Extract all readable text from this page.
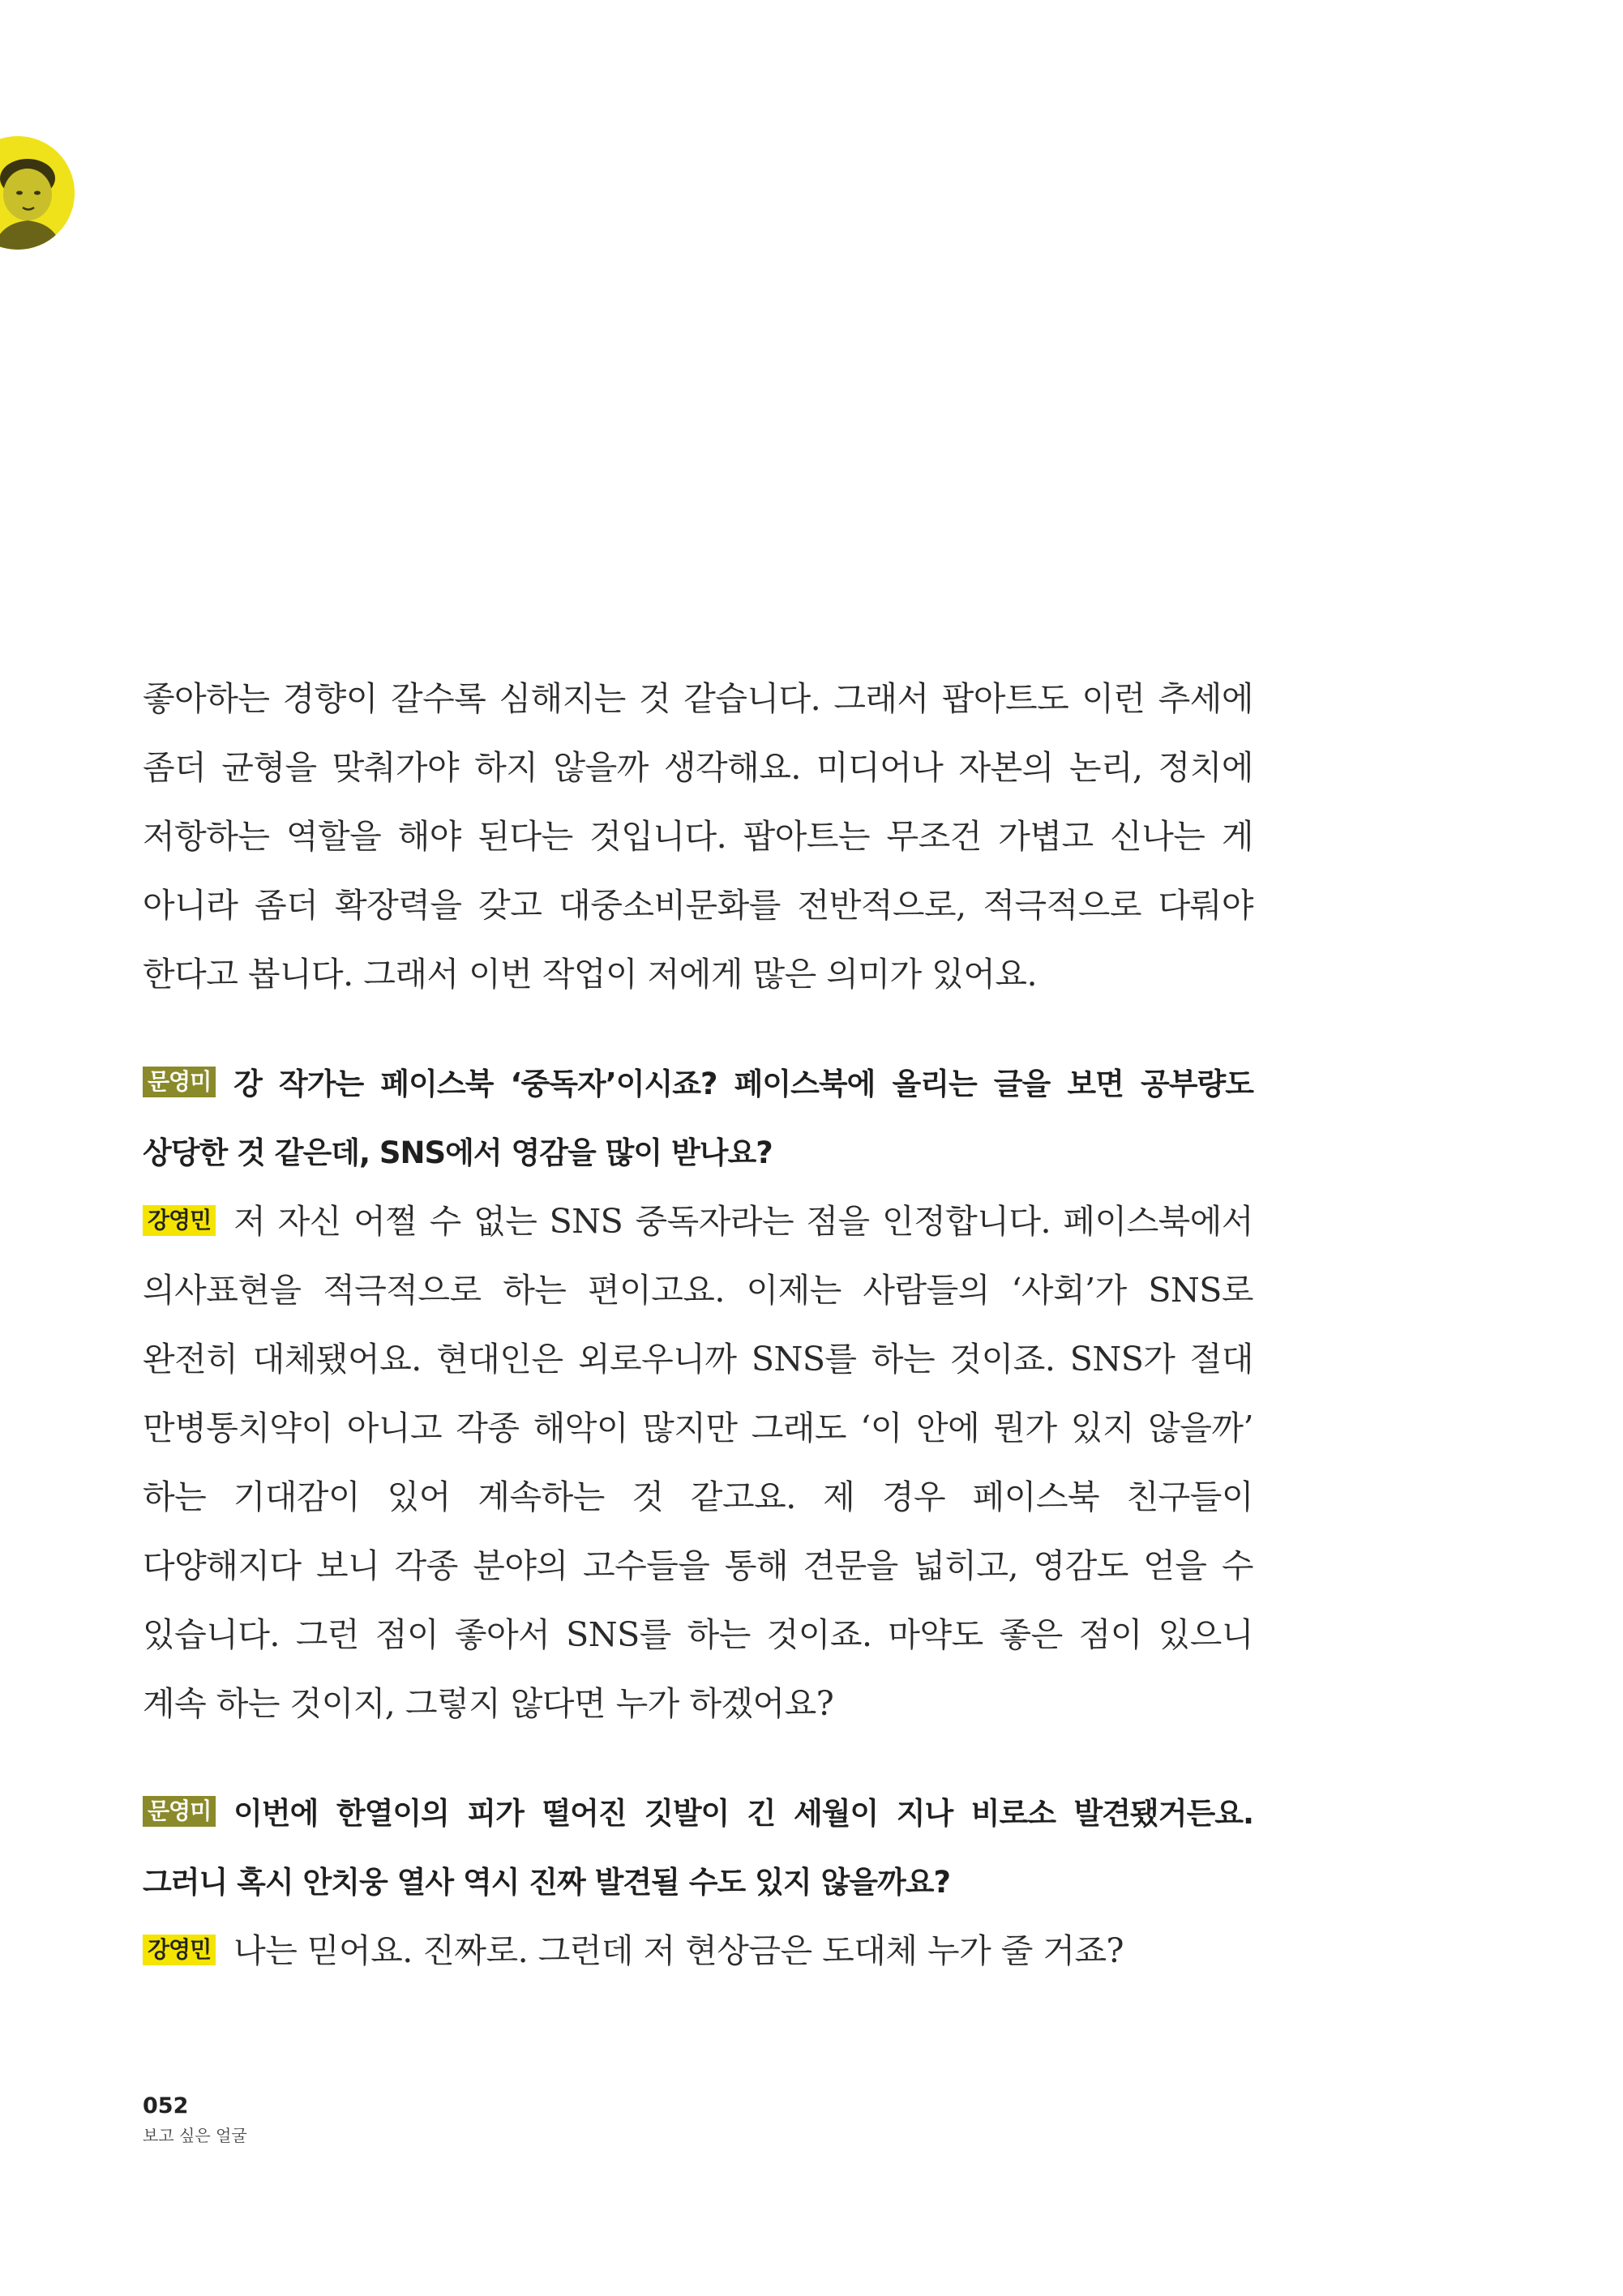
좋아하는 경향이 갈수록 심해지는 것 같습니다. 그래서 팝아트도 이런 추세에 좀더 균형을 맞춰가야 하지 않을까 생각해요. 미디어나 자본의 논리, 정치에 저항하는 역할을 해야 된다는 것입니다. 팝아트는 무조건 가볍고 신나는 게 아니라 좀더 확장력을 갖고 대중소비문화를 전반적으로, 적극적으로 다뤄야 한다고 봅니다. 그래서 이번 작업이 저에게 많은 의미가 있어요.

문영미 강 작가는 페이스북 ‘중독자’이시죠? 페이스북에 올리는 글을 보면 공부량도 상당한 것 같은데, SNS에서 영감을 많이 받나요?

강영민 저 자신 어쩔 수 없는 SNS 중독자라는 점을 인정합니다. 페이스북에서 의사표현을 적극적으로 하는 편이고요. 이제는 사람들의 ‘사회’가 SNS로 완전히 대체됐어요. 현대인은 외로우니까 SNS를 하는 것이죠. SNS가 절대 만병통치약이 아니고 각종 해악이 많지만 그래도 ‘이 안에 뭔가 있지 않을까’ 하는 기대감이 있어 계속하는 것 같고요. 제 경우 페이스북 친구들이 다양해지다 보니 각종 분야의 고수들을 통해 견문을 넓히고, 영감도 얻을 수 있습니다. 그런 점이 좋아서 SNS를 하는 것이죠. 마약도 좋은 점이 있으니 계속 하는 것이지, 그렇지 않다면 누가 하겠어요?

문영미 이번에 한열이의 피가 떨어진 깃발이 긴 세월이 지나 비로소 발견됐거든요. 그러니 혹시 안치웅 열사 역시 진짜 발견될 수도 있지 않을까요?

강영민 나는 믿어요. 진짜로. 그런데 저 현상금은 도대체 누가 줄 거죠?

052
보고 싶은 얼굴
